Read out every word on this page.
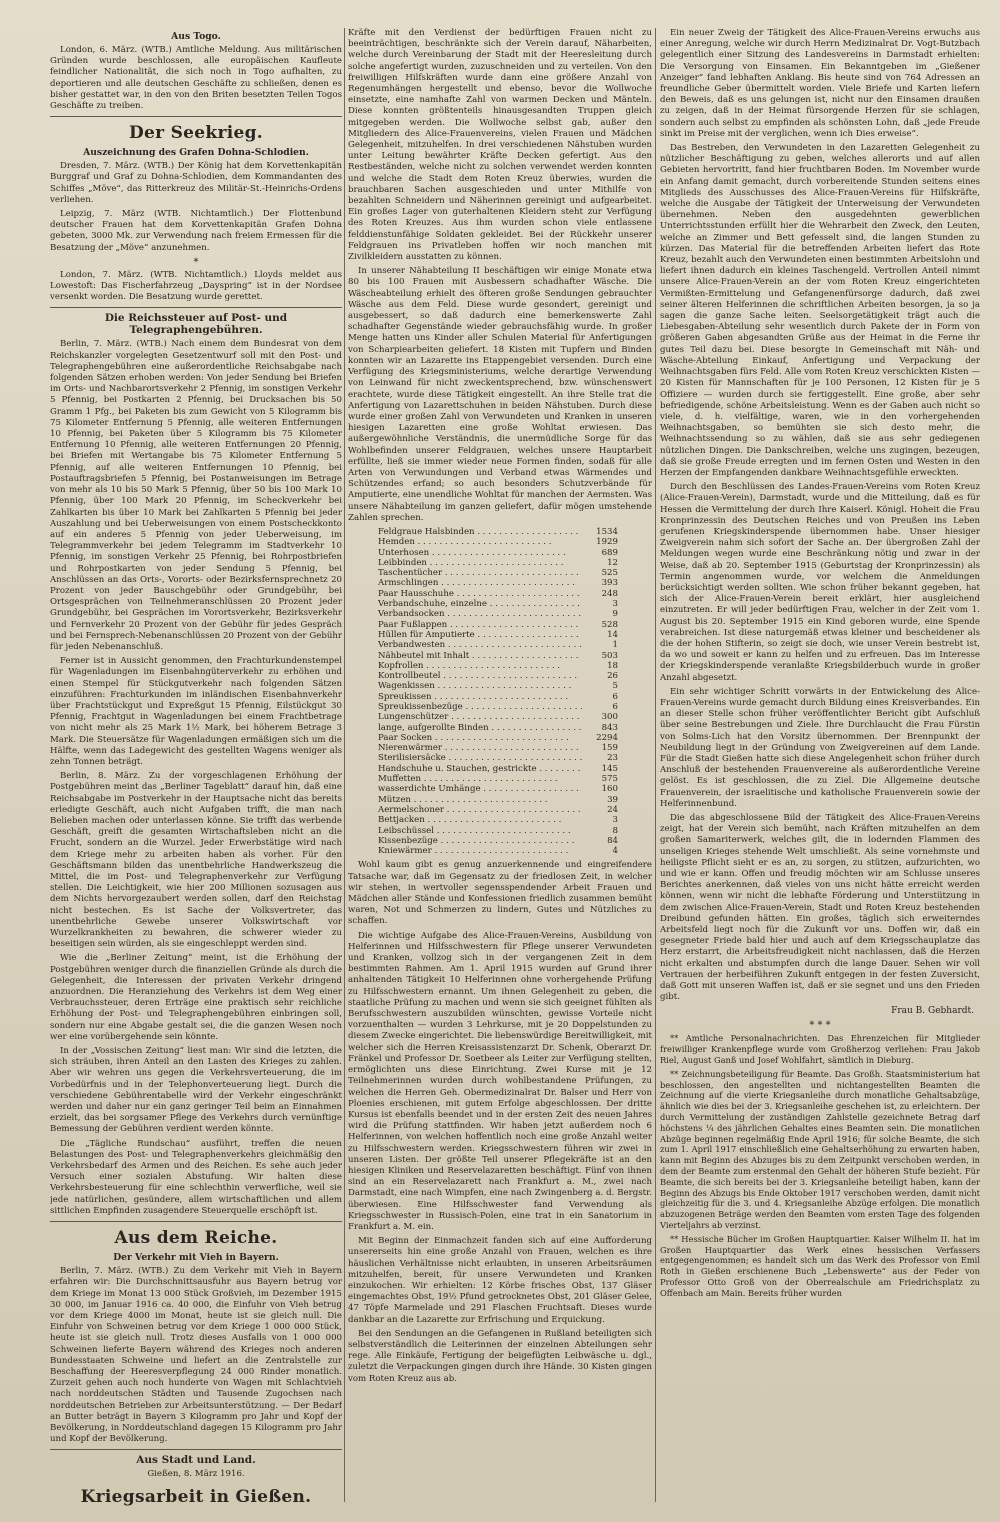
Aus Togo.

London, 6. März. (WTB.) Amtliche Meldung. Aus militärischen Gründen wurde beschlossen, alle europäischen Kaufleute feindlicher Nationalität, die sich noch in Togo aufhalten, zu deportieren und alle deutschen Geschäfte zu schließen, denen es bisher gestattet war, in den von den Briten besetzten Teilen Togos Geschäfte zu treiben.

Der Seekrieg.
Auszeichnung des Grafen Dohna-Schlodien.

Dresden, 7. März. (WTB.) Der König hat dem Korvettenkapitän Burggraf und Graf zu Dohna-Schlodien, dem Kommandanten des Schiffes „Möve“, das Ritterkreuz des Militär-St.-Heinrichs-Ordens verliehen.

Leipzig, 7. März (WTB. Nichtamtlich.) Der Flottenbund deutscher Frauen hat dem Korvettenkapitän Grafen Dohna gebeten, 3000 Mk. zur Verwendung nach freiem Ermessen für die Besatzung der „Möve“ anzunehmen.

*

London, 7. März. (WTB. Nichtamtlich.) Lloyds meldet aus Lowestoft: Das Fischerfahrzeug „Dayspring“ ist in der Nordsee versenkt worden. Die Besatzung wurde gerettet.

Die Reichssteuer auf Post- und Telegraphengebühren.

Berlin, 7. März. (WTB.) Nach einem dem Bundesrat von dem Reichskanzler vorgelegten Gesetzentwurf soll mit den Post- und Telegraphengebühren eine außerordentliche Reichsabgabe nach folgenden Sätzen erhoben werden: Von jeder Sendung bei Briefen im Orts- und Nachbarortsverkehr 2 Pfennig, im sonstigen Verkehr 5 Pfennig, bei Postkarten 2 Pfennig, bei Drucksachen bis 50 Gramm 1 Pfg., bei Paketen bis zum Gewicht von 5 Kilogramm bis 75 Kilometer Entfernung 5 Pfennig, alle weiteren Entfernungen 10 Pfennig, bei Paketen über 5 Kilogramm bis 75 Kilometer Entfernung 10 Pfennig, alle weiteren Entfernungen 20 Pfennig, bei Briefen mit Wertangabe bis 75 Kilometer Entfernung 5 Pfennig, auf alle weiteren Entfernungen 10 Pfennig, bei Postauftragsbriefen 5 Pfennig, bei Postanweisungen im Betrage von mehr als 10 bis 50 Mark 5 Pfennig, über 50 bis 100 Mark 10 Pfennig, über 100 Mark 20 Pfennig, im Scheckverkehr bei Zahlkarten bis über 10 Mark bei Zahlkarten 5 Pfennig bei jeder Auszahlung und bei Ueberweisungen von einem Postscheckkonto auf ein anderes 5 Pfennig von jeder Ueberweisung, im Telegrammverkehr bei jedem Telegramm im Stadtverkehr 10 Pfennig, im sonstigen Verkehr 25 Pfennig, bei Rohrpostbriefen und Rohrpostkarten von jeder Sendung 5 Pfennig, bei Anschlüssen an das Orts-, Vororts- oder Bezirksfernsprechnetz 20 Prozent von jeder Bauschgebühr oder Grundgebühr, bei Ortsgesprächen von Teilnehmeranschlüssen 20 Prozent jeder Grundgebühr, bei Gesprächen im Vorortsverkehr, Bezirksverkehr und Fernverkehr 20 Prozent von der Gebühr für jedes Gespräch und bei Fernsprech-Nebenanschlüssen 20 Prozent von der Gebühr für jeden Nebenanschluß.

Ferner ist in Aussicht genommen, den Frachturkundenstempel für Wagenladungen im Eisenbahngüterverkehr zu erhöhen und einen Stempel für Stückgutverkehr nach folgenden Sätzen einzuführen: Frachturkunden im inländischen Eisenbahnverkehr über Frachtstückgut und Expreßgut 15 Pfennig, Eilstückgut 30 Pfennig, Frachtgut in Wagenladungen bei einem Frachtbetrage von nicht mehr als 25 Mark 1½ Mark, bei höherem Betrage 3 Mark. Die Steuersätze für Wagenladungen ermäßigen sich um die Hälfte, wenn das Ladegewicht des gestellten Wagens weniger als zehn Tonnen beträgt.

Berlin, 8. März. Zu der vorgeschlagenen Erhöhung der Postgebühren meint das „Berliner Tageblatt“ darauf hin, daß eine Reichsabgabe im Postverkehr in der Hauptsache nicht das bereits erledigte Geschäft, auch nicht Aufgaben trifft, die man nach Belieben machen oder unterlassen könne. Sie trifft das werbende Geschäft, greift die gesamten Wirtschaftsleben nicht an die Frucht, sondern an die Wurzel. Jeder Erwerbstätige wird nach dem Kriege mehr zu arbeiten haben als vorher. Für den Geschäftsmann bilden das unentbehrliche Handwerkszeug die Mittel, die im Post- und Telegraphenverkehr zur Verfügung stellen. Die Leichtigkeit, wie hier 200 Millionen sozusagen aus dem Nichts hervorgezaubert werden sollen, darf den Reichstag nicht bestechen. Es ist Sache der Volksvertreter, das unentbehrliche Gewebe unserer Volkswirtschaft vor Wurzelkrankheiten zu bewahren, die schwerer wieder zu beseitigen sein würden, als sie eingeschleppt werden sind.

Wie die „Berliner Zeitung“ meint, ist die Erhöhung der Postgebühren weniger durch die finanziellen Gründe als durch die Gelegenheit, die Interessen der privaten Verkehr dringend anzuordnen. Die Heranziehung des Verkehrs ist dem Weg einer Verbrauchssteuer, deren Erträge eine praktisch sehr reichliche Erhöhung der Post- und Telegraphengebühren einbringen soll, sondern nur eine Abgabe gestalt sei, die die ganzen Wesen noch wer eine vorübergehende sein könnte.

In der „Vossischen Zeitung“ liest man: Wir sind die letzten, die sich sträuben, ihren Anteil an den Lasten des Krieges zu zahlen. Aber wir wehren uns gegen die Verkehrsverteuerung, die im Vorbedürfnis und in der Telephonverteuerung liegt. Durch die verschiedene Gebührentabelle wird der Verkehr eingeschränkt werden und daher nur ein ganz geringer Teil beim an Einnahmen erzielt, das bei sorgsamer Pflege des Verkehrs durch vernünftige Bemessung der Gebühren verdient werden könnte.

Die „Tägliche Rundschau“ ausführt, treffen die neuen Belastungen des Post- und Telegraphenverkehrs gleichmäßig den Verkehrsbedarf des Armen und des Reichen. Es sehe auch jeder Versuch einer sozialen Abstufung. Wir halten diese Verkehrsbesteuerung für eine schlechthin verwerfliche, weil sie jede natürlichen, gesündere, allem wirtschaftlichen und allem sittlichen Empfinden zusagendere Steuerquelle erschöpft ist.

Aus dem Reiche.
Der Verkehr mit Vieh in Bayern.

Berlin, 7. März. (WTB.) Zu dem Verkehr mit Vieh in Bayern erfahren wir: Die Durchschnittsausfuhr aus Bayern betrug vor dem Kriege im Monat 13 000 Stück Großvieh, im Dezember 1915 30 000, im Januar 1916 ca. 40 000, die Einfuhr von Vieh betrug vor dem Kriege 4000 im Monat, heute ist sie gleich null. Die Einfuhr von Schweinen betrug vor dem Kriege 1 000 000 Stück, heute ist sie gleich null. Trotz dieses Ausfalls von 1 000 000 Schweinen lieferte Bayern während des Krieges noch anderen Bundesstaaten Schweine und liefert an die Zentralstelle zur Beschaffung der Heeresverpflegung 24 000 Rinder monatlich. Zurzeit gehen auch noch hunderte von Wagen mit Schlachtvieh nach norddeutschen Städten und Tausende Zugochsen nach norddeutschen Betrieben zur Arbeitsunterstützung. — Der Bedarf an Butter beträgt in Bayern 3 Kilogramm pro Jahr und Kopf der Bevölkerung, in Norddeutschland dagegen 15 Kilogramm pro Jahr und Kopf der Bevölkerung.

Aus Stadt und Land.
Gießen, 8. März 1916.
Kriegsarbeit in Gießen.

Kräfte mit den Verdienst der bedürftigen Frauen nicht zu beeinträchtigen, beschränkte sich der Verein darauf, Näharbeiten, welche durch Vereinbarung der Stadt mit der Heeresleitung durch solche angefertigt wurden, zuzuschneiden und zu verteilen. Von den freiwilligen Hilfskräften wurde dann eine größere Anzahl von Regenumhängen hergestellt und ebenso, bevor die Wollwoche einsetzte, eine namhafte Zahl von warmen Decken und Mänteln. Diese konnten größtenteils hinausgesandten Truppen gleich mitgegeben werden. Die Wollwoche selbst gab, außer den Mitgliedern des Alice-Frauenvereins, vielen Frauen und Mädchen Gelegenheit, mitzuhelfen. In drei verschiedenen Nähstuben wurden unter Leitung bewährter Kräfte Decken gefertigt. Aus den Restbeständen, welche nicht zu solchen verwendet werden konnten und welche die Stadt dem Roten Kreuz überwies, wurden die brauchbaren Sachen ausgeschieden und unter Mithilfe von bezahlten Schneidern und Näherinnen gereinigt und aufgearbeitet. Ein großes Lager von guterhaltenen Kleidern steht zur Verfügung des Roten Kreuzes. Aus ihm wurden schon viele entlassene felddienstunfähige Soldaten gekleidet. Bei der Rückkehr unserer Feldgrauen ins Privatleben hoffen wir noch manchen mit Zivilkleidern ausstatten zu können.

In unserer Nähabteilung II beschäftigen wir einige Monate etwa 80 bis 100 Frauen mit Ausbessern schadhafter Wäsche. Die Wäscheabteilung erhielt des öfteren große Sendungen gebrauchter Wäsche aus dem Feld. Diese wurde gesondert, gereinigt und ausgebessert, so daß dadurch eine bemerkenswerte Zahl schadhafter Gegenstände wieder gebrauchsfähig wurde. In großer Menge hatten uns Kinder aller Schulen Material für Anfertigungen von Scharpiearbeiten geliefert. 18 Kisten mit Tupfern und Binden konnten wir an Lazarette ins Etappengebiet versenden. Durch eine Verfügung des Kriegsministeriums, welche derartige Verwendung von Leinwand für nicht zweckentsprechend, bzw. wünschenswert erachtete, wurde diese Tätigkeit eingestellt. An ihre Stelle trat die Anfertigung von Lazarettschuhen in beiden Nähstuben. Durch diese wurde einer großen Zahl von Verwundeten und Kranken in unseren hiesigen Lazaretten eine große Wohltat erwiesen. Das außergewöhnliche Verständnis, die unermüdliche Sorge für das Wohlbefinden unserer Feldgrauen, welches unsere Hauptarbeit erfüllte, ließ sie immer wieder neue Formen finden, sodaß für alle Arten von Verwundungen und Verband etwas Wärmendes und Schützendes erfand; so auch besonders Schutzverbände für Amputierte, eine unendliche Wohltat für manchen der Aermsten. Was unsere Nähabteilung im ganzen geliefert, dafür mögen umstehende Zahlen sprechen.

Feldgraue Halsbinden . . .	1534
Hemden . . .	1929
Unterhosen . . .	689
Leibbinden . . .	12
Taschentücher . . .	525
Armschlingen . . .	393
Paar Hausschuhe . . .	248
Verbandschuhe, einzelne . . .	3
Verbandsocken . . .	9
Paar Fußlappen . . .	528
Hüllen für Amputierte . . .	14
Verbandwesten . . .	1
Nähbeutel mit Inhalt . . .	503
Kopfrollen . . .	18
Kontrollbeutel . . .	26
Wagenkissen . . .	5
Spreukissen . . .	6
Spreukissenbezüge . . .	6
Lungenschützer . . .	300
lange, aufgerollte Binden . . .	843
Paar Socken . . .	2294
Nierenwärmer . . .	159
Sterilisiersäcke . . .	23
Handschuhe u. Stauchen, gestrickte . . .	145
Muffetten . . .	575
wasserdichte Umhänge . . .	160
Mützen . . .	39
Aermelschoner . . .	24
Bettjacken . . .	3
Leibschüssel . . .	8
Kissenbezüge . . .	84
Kniewärmer . . .	4

Wohl kaum gibt es genug anzuerkennende und eingreifendere Tatsache war, daß im Gegensatz zu der friedlosen Zeit, in welcher wir stehen, in wertvoller segensspendender Arbeit Frauen und Mädchen aller Stände und Konfessionen friedlich zusammen bemüht waren, Not und Schmerzen zu lindern, Gutes und Nützliches zu schaffen.

Die wichtige Aufgabe des Alice-Frauen-Vereins, Ausbildung von Helferinnen und Hilfsschwestern für Pflege unserer Verwundeten und Kranken, vollzog sich in der vergangenen Zeit in dem bestimmten Rahmen. Am 1. April 1915 wurden auf Grund ihrer anhaltenden Tätigkeit 10 Helferinnen ohne vorhergehende Prüfung zu Hilfsschwestern ernannt. Um ihnen Gelegenheit zu geben, die staatliche Prüfung zu machen und wenn sie sich geeignet fühlten als Berufsschwestern auszubilden wünschten, gewisse Vorteile nicht vorzuenthalten — wurden 3 Lehrkurse, mit je 20 Doppelstunden zu diesem Zwecke eingerichtet. Die liebenswürdige Bereitwilligkeit, mit welcher sich die Herren Kreisassistenzarzt Dr. Schenk, Oberarzt Dr. Fränkel und Professor Dr. Soetbeer als Leiter zur Verfügung stellten, ermöglichten uns diese Einrichtung. Zwei Kurse mit je 12 Teilnehmerinnen wurden durch wohlbestandene Prüfungen, zu welchen die Herren Geh. Obermedizinalrat Dr. Balser und Herr von Ploenies erschienen, mit gutem Erfolge abgeschlossen. Der dritte Kursus ist ebenfalls beendet und in der ersten Zeit des neuen Jahres wird die Prüfung stattfinden. Wir haben jetzt außerdem noch 6 Helferinnen, von welchen hoffentlich noch eine große Anzahl weiter zu Hilfsschwestern werden. Kriegsschwestern führen wir zwei in unseren Listen. Der größte Teil unserer Pflegekräfte ist an den hiesigen Kliniken und Reservelazaretten beschäftigt. Fünf von ihnen sind an ein Reservelazarett nach Frankfurt a. M., zwei nach Darmstadt, eine nach Wimpfen, eine nach Zwingenberg a. d. Bergstr. überwiesen. Eine Hilfsschwester fand Verwendung als Kriegsschwester in Russisch-Polen, eine trat in ein Sanatorium in Frankfurt a. M. ein.

Mit Beginn der Einmachzeit fanden sich auf eine Aufforderung unsererseits hin eine große Anzahl von Frauen, welchen es ihre häuslichen Verhältnisse nicht erlaubten, in unseren Arbeitsräumen mitzuhelfen, bereit, für unsere Verwundeten und Kranken einzukochen. Wir erhielten: 12 Körbe frisches Obst, 137 Gläser eingemachtes Obst, 19½ Pfund getrocknetes Obst, 201 Gläser Gelee, 47 Töpfe Marmelade und 291 Flaschen Fruchtsaft. Dieses wurde dankbar an die Lazarette zur Erfrischung und Erquickung.

Bei den Sendungen an die Gefangenen in Rußland beteiligten sich selbstverständlich die Leiterinnen der einzelnen Abteilungen sehr rege. Alle Einkäufe, Fertigung der beigefügten Leibwäsche u. dgl., zuletzt die Verpackungen gingen durch ihre Hände. 30 Kisten gingen vom Roten Kreuz aus ab.

Ein neuer Zweig der Tätigkeit des Alice-Frauen-Vereins erwuchs aus einer Anregung, welche wir durch Herrn Medizinalrat Dr. Vogt-Butzbach gelegentlich einer Sitzung des Landesvereins in Darmstadt erhielten: Die Versorgung von Einsamen. Ein Bekanntgeben im „Gießener Anzeiger“ fand lebhaften Anklang. Bis heute sind von 764 Adressen an freundliche Geber übermittelt worden. Viele Briefe und Karten liefern den Beweis, daß es uns gelungen ist, nicht nur den Einsamen draußen zu zeigen, daß in der Heimat fürsorgende Herzen für sie schlagen, sondern auch selbst zu empfinden als schönsten Lohn, daß „jede Freude sinkt im Preise mit der verglichen, wenn ich Dies erweise“.

Das Bestreben, den Verwundeten in den Lazaretten Gelegenheit zu nützlicher Beschäftigung zu geben, welches allerorts und auf allen Gebieten hervortritt, fand hier fruchtbaren Boden. Im November wurde ein Anfang damit gemacht, durch vorbereitende Stunden seitens eines Mitglieds des Ausschusses des Alice-Frauen-Vereins für Hilfskräfte, welche die Ausgabe der Tätigkeit der Unterweisung der Verwundeten übernehmen. Neben den ausgedehnten gewerblichen Unterrichtsstunden erfüllt hier die Wehrarbeit den Zweck, den Leuten, welche an Zimmer und Bett gefesselt sind, die langen Stunden zu kürzen. Das Material für die betreffenden Arbeiten liefert das Rote Kreuz, bezahlt auch den Verwundeten einen bestimmten Arbeitslohn und liefert ihnen dadurch ein kleines Taschengeld. Vertrollen Anteil nimmt unsere Alice-Frauen-Verein an der vom Roten Kreuz eingerichteten Vermißten-Ermittelung und Gefangenenfürsorge dadurch, daß zwei seiner älteren Helferinnen die schriftlichen Arbeiten besorgen, ja so ja sagen die ganze Sache leiten. Seelsorgetätigkeit trägt auch die Liebesgaben-Abteilung sehr wesentlich durch Pakete der in Form von größeren Gaben abgesandten Grüße aus der Heimat in die Ferne ihr gutes Teil dazu bei. Diese besorgte in Gemeinschaft mit Näh- und Wäsche-Abteilung Einkauf, Anfertigung und Verpackung der Weihnachtsgaben fürs Feld. Alle vom Roten Kreuz verschickten Kisten — 20 Kisten für Mannschaften für je 100 Personen, 12 Kisten für je 5 Offiziere — wurden durch sie fertiggestellt. Eine große, aber sehr befriedigende, schöne Arbeitsleistung. Wenn es der Gaben auch nicht so viele, d. h. vielfältige, waren, wie in den vorhergehenden Weihnachtsgaben, so bemühten sie sich desto mehr, die Weihnachtssendung so zu wählen, daß sie aus sehr gediegenen nützlichen Dingen. Die Dankschreiben, welche uns zugingen, bezeugen, daß sie große Freude erregten und im fernen Osten und Westen in den Herzen der Empfangenden dankbare Weihnachtsgefühle erweckten.

Durch den Beschlüssen des Landes-Frauen-Vereins vom Roten Kreuz (Alice-Frauen-Verein), Darmstadt, wurde und die Mitteilung, daß es für Hessen die Vermittelung der durch Ihre Kaiserl. Königl. Hoheit die Frau Kronprinzessin des Deutschen Reiches und von Preußen ins Leben gerufenen Kriegskinderspende übernommen habe. Unser hiesiger Zweigverein nahm sich sofort der Sache an. Der übergroßen Zahl der Meldungen wegen wurde eine Beschränkung nötig und zwar in der Weise, daß ab 20. September 1915 (Geburtstag der Kronprinzessin) als Termin angenommen wurde, vor welchem die Anmeldungen berücksichtigt werden sollten. Wie schon früher bekannt gegeben, hat sich der Alice-Frauen-Verein bereit erklärt, hier ausgleichend einzutreten. Er will jeder bedürftigen Frau, welcher in der Zeit vom 1. August bis 20. September 1915 ein Kind geboren wurde, eine Spende verabreichen. Ist diese naturgemäß etwas kleiner und bescheidener als die der hohen Stifterin, so zeigt sie doch, wie unser Verein bestrebt ist, da wo und soweit er kann zu helfen und zu erfreuen. Das im Interesse der Kriegskinderspende veranlaßte Kriegsbilderbuch wurde in großer Anzahl abgesetzt.

Ein sehr wichtiger Schritt vorwärts in der Entwickelung des Alice-Frauen-Vereins wurde gemacht durch Bildung eines Kreisverbandes. Ein an dieser Stelle schon früher veröffentlichter Bericht gibt Aufschluß über seine Bestrebungen und Ziele. Ihre Durchlaucht die Frau Fürstin von Solms-Lich hat den Vorsitz übernommen. Der Brennpunkt der Neubildung liegt in der Gründung von Zweigvereinen auf dem Lande. Für die Stadt Gießen hatte sich diese Angelegenheit schon früher durch Anschluß der bestehenden Frauenvereine als außerordentliche Vereine gelöst. Es ist geschlossen, die zu Ziel. Die Allgemeine deutsche Frauenverein, der israelitische und katholische Frauenverein sowie der Helferinnenbund.

Die das abgeschlossene Bild der Tätigkeit des Alice-Frauen-Vereins zeigt, hat der Verein sich bemüht, nach Kräften mitzuhelfen an dem großen Samariterwerk, welches gilt, die in lodernden Flammen des unseligen Krieges stehende Welt umschließt. Als seine vornehmste und heiligste Pflicht sieht er es an, zu sorgen, zu stützen, aufzurichten, wo und wie er kann. Offen und freudig möchten wir am Schlusse unseres Berichtes anerkennen, daß vieles von uns nicht hätte erreicht werden können, wenn wir nicht die lebhafte Förderung und Unterstützung in dem zwischen Alice-Frauen-Verein, Stadt und Roten Kreuz bestehenden Dreibund gefunden hätten. Ein großes, täglich sich erweiterndes Arbeitsfeld liegt noch für die Zukunft vor uns. Doffen wir, daß ein gesegneter Friede bald hier und auch auf dem Kriegsschauplatze das Herz erstarrt, die Arbeitsfreudigkeit nicht nachlassen, daß die Herzen nicht erkalten und abstumpfen durch die lange Dauer. Sehen wir voll Vertrauen der herbeiführen Zukunft entgegen in der festen Zuversicht, daß Gott mit unseren Waffen ist, daß er sie segnet und uns den Frieden gibt.

Frau B. Gebhardt.
* * *

** Amtliche Personalnachrichten. Das Ehrenzeichen für Mitglieder freiwilliger Krankenpflege wurde vom Großherzog verliehen: Frau Jakob Riel, August Ganß und Josef Wohlfahrt, sämtlich in Dieburg.

** Zeichnungsbeteiligung für Beamte. Das Großh. Staatsministerium hat beschlossen, den angestellten und nichtangestellten Beamten die Zeichnung auf die vierte Kriegsanleihe durch monatliche Gehaltsabzüge, ähnlich wie dies bei der 3. Kriegsanleihe geschehen ist, zu erleichtern. Der durch Vermittelung der zuständigen Zahlstelle gezeichnete Betrag darf höchstens ¼ des jährlichen Gehaltes eines Beamten sein. Die monatlichen Abzüge beginnen regelmäßig Ende April 1916; für solche Beamte, die sich zum 1. April 1917 einschließlich eine Gehaltserhöhung zu erwarten haben, kann mit Beginn des Abzuges bis zu dem Zeitpunkt verschoben werden, in dem der Beamte zum erstenmal den Gehalt der höheren Stufe bezieht. Für Beamte, die sich bereits bei der 3. Kriegsanleihe beteiligt haben, kann der Beginn des Abzugs bis Ende Oktober 1917 verschoben werden, damit nicht gleichzeitig für die 3. und 4. Kriegsanleihe Abzüge erfolgen. Die monatlich abzuzogenen Beträge werden den Beamten vom ersten Tage des folgenden Vierteljahrs ab verzinst.

** Hessische Bücher im Großen Hauptquartier. Kaiser Wilhelm II. hat im Großen Hauptquartier das Werk eines hessischen Verfassers entgegengenommen; es handelt sich um das Werk des Professor von Emil Roth in Gießen erschienene Buch „Lebenswerte“ aus der Feder von Professor Otto Groß von der Oberrealschule am Friedrichsplatz zu Offenbach am Main. Bereits früher wurden
